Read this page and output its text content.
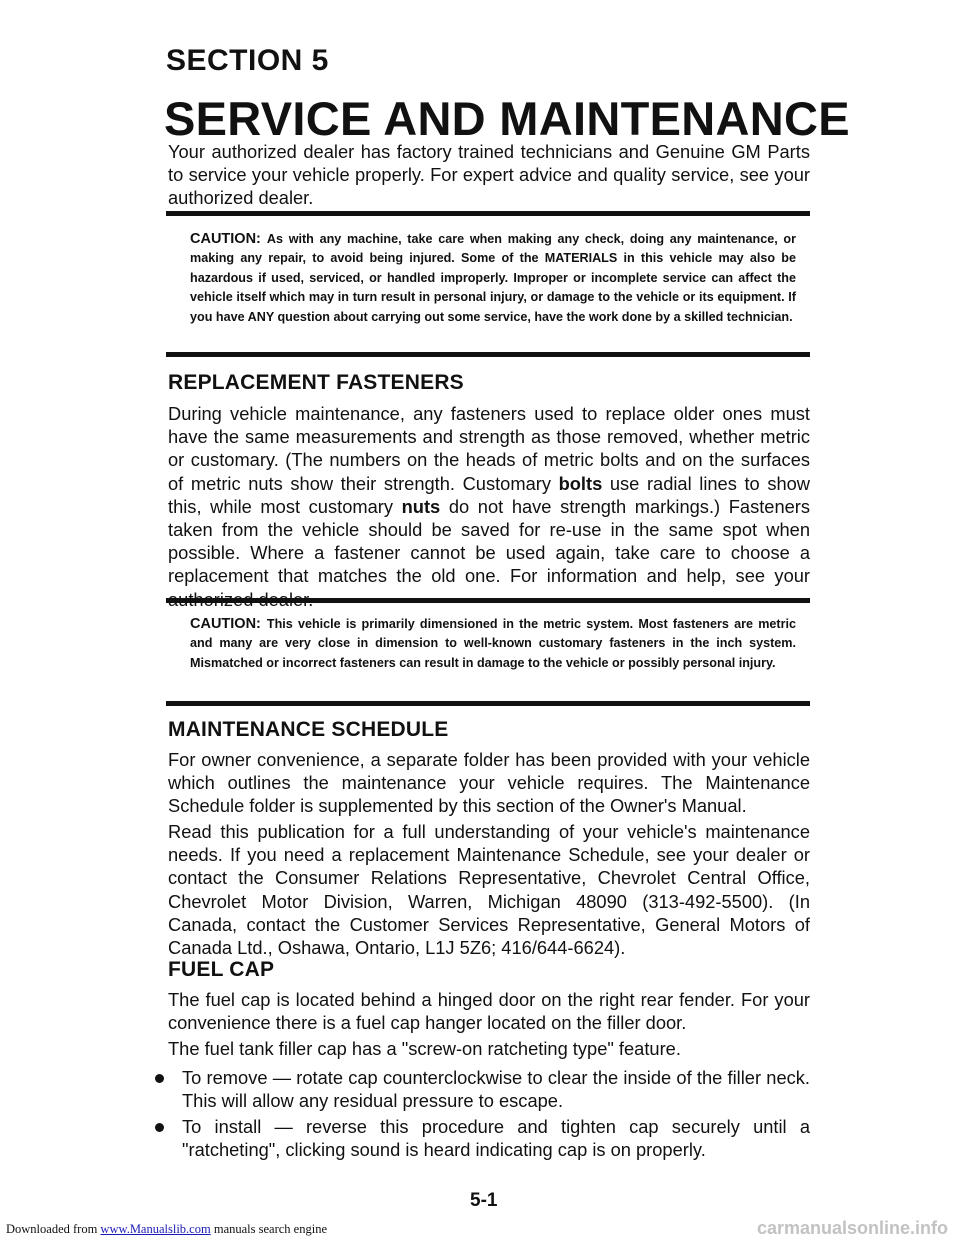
SECTION 5
SERVICE AND MAINTENANCE
Your authorized dealer has factory trained technicians and Genuine GM Parts to service your vehicle properly. For expert advice and quality service, see your authorized dealer.
CAUTION: As with any machine, take care when making any check, doing any maintenance, or making any repair, to avoid being injured. Some of the MATERIALS in this vehicle may also be hazardous if used, serviced, or handled improperly. Improper or incomplete service can affect the vehicle itself which may in turn result in personal injury, or damage to the vehicle or its equipment. If you have ANY question about carrying out some service, have the work done by a skilled technician.
REPLACEMENT FASTENERS
During vehicle maintenance, any fasteners used to replace older ones must have the same measurements and strength as those removed, whether metric or customary. (The numbers on the heads of metric bolts and on the surfaces of metric nuts show their strength. Customary bolts use radial lines to show this, while most customary nuts do not have strength markings.) Fasteners taken from the vehicle should be saved for re-use in the same spot when possible. Where a fastener cannot be used again, take care to choose a replacement that matches the old one. For information and help, see your
CAUTION: This vehicle is primarily dimensioned in the metric system. Most fasteners are metric and many are very close in dimension to well-known customary fasteners in the inch system. Mismatched or incorrect fasteners can result in damage to the vehicle or possibly personal injury.
MAINTENANCE SCHEDULE
For owner convenience, a separate folder has been provided with your vehicle which outlines the maintenance your vehicle requires. The Maintenance Schedule folder is supplemented by this section of the Owner's Manual.
Read this publication for a full understanding of your vehicle's maintenance needs. If you need a replacement Maintenance Schedule, see your dealer or contact the Consumer Relations Representative, Chevrolet Central Office, Chevrolet Motor Division, Warren, Michigan 48090 (313-492-5500). (In Canada, contact the Customer Services Representative, General Motors of Canada Ltd., Oshawa, Ontario, L1J 5Z6; 416/644-6624).
FUEL CAP
The fuel cap is located behind a hinged door on the right rear fender. For your convenience there is a fuel cap hanger located on the filler door.
The fuel tank filler cap has a "screw-on ratcheting type" feature.
To remove — rotate cap counterclockwise to clear the inside of the filler neck. This will allow any residual pressure to escape.
To install — reverse this procedure and tighten cap securely until a "ratcheting", clicking sound is heard indicating cap is on properly.
5-1
Downloaded from www.Manualslib.com manuals search engine	carmanualsonline.info
